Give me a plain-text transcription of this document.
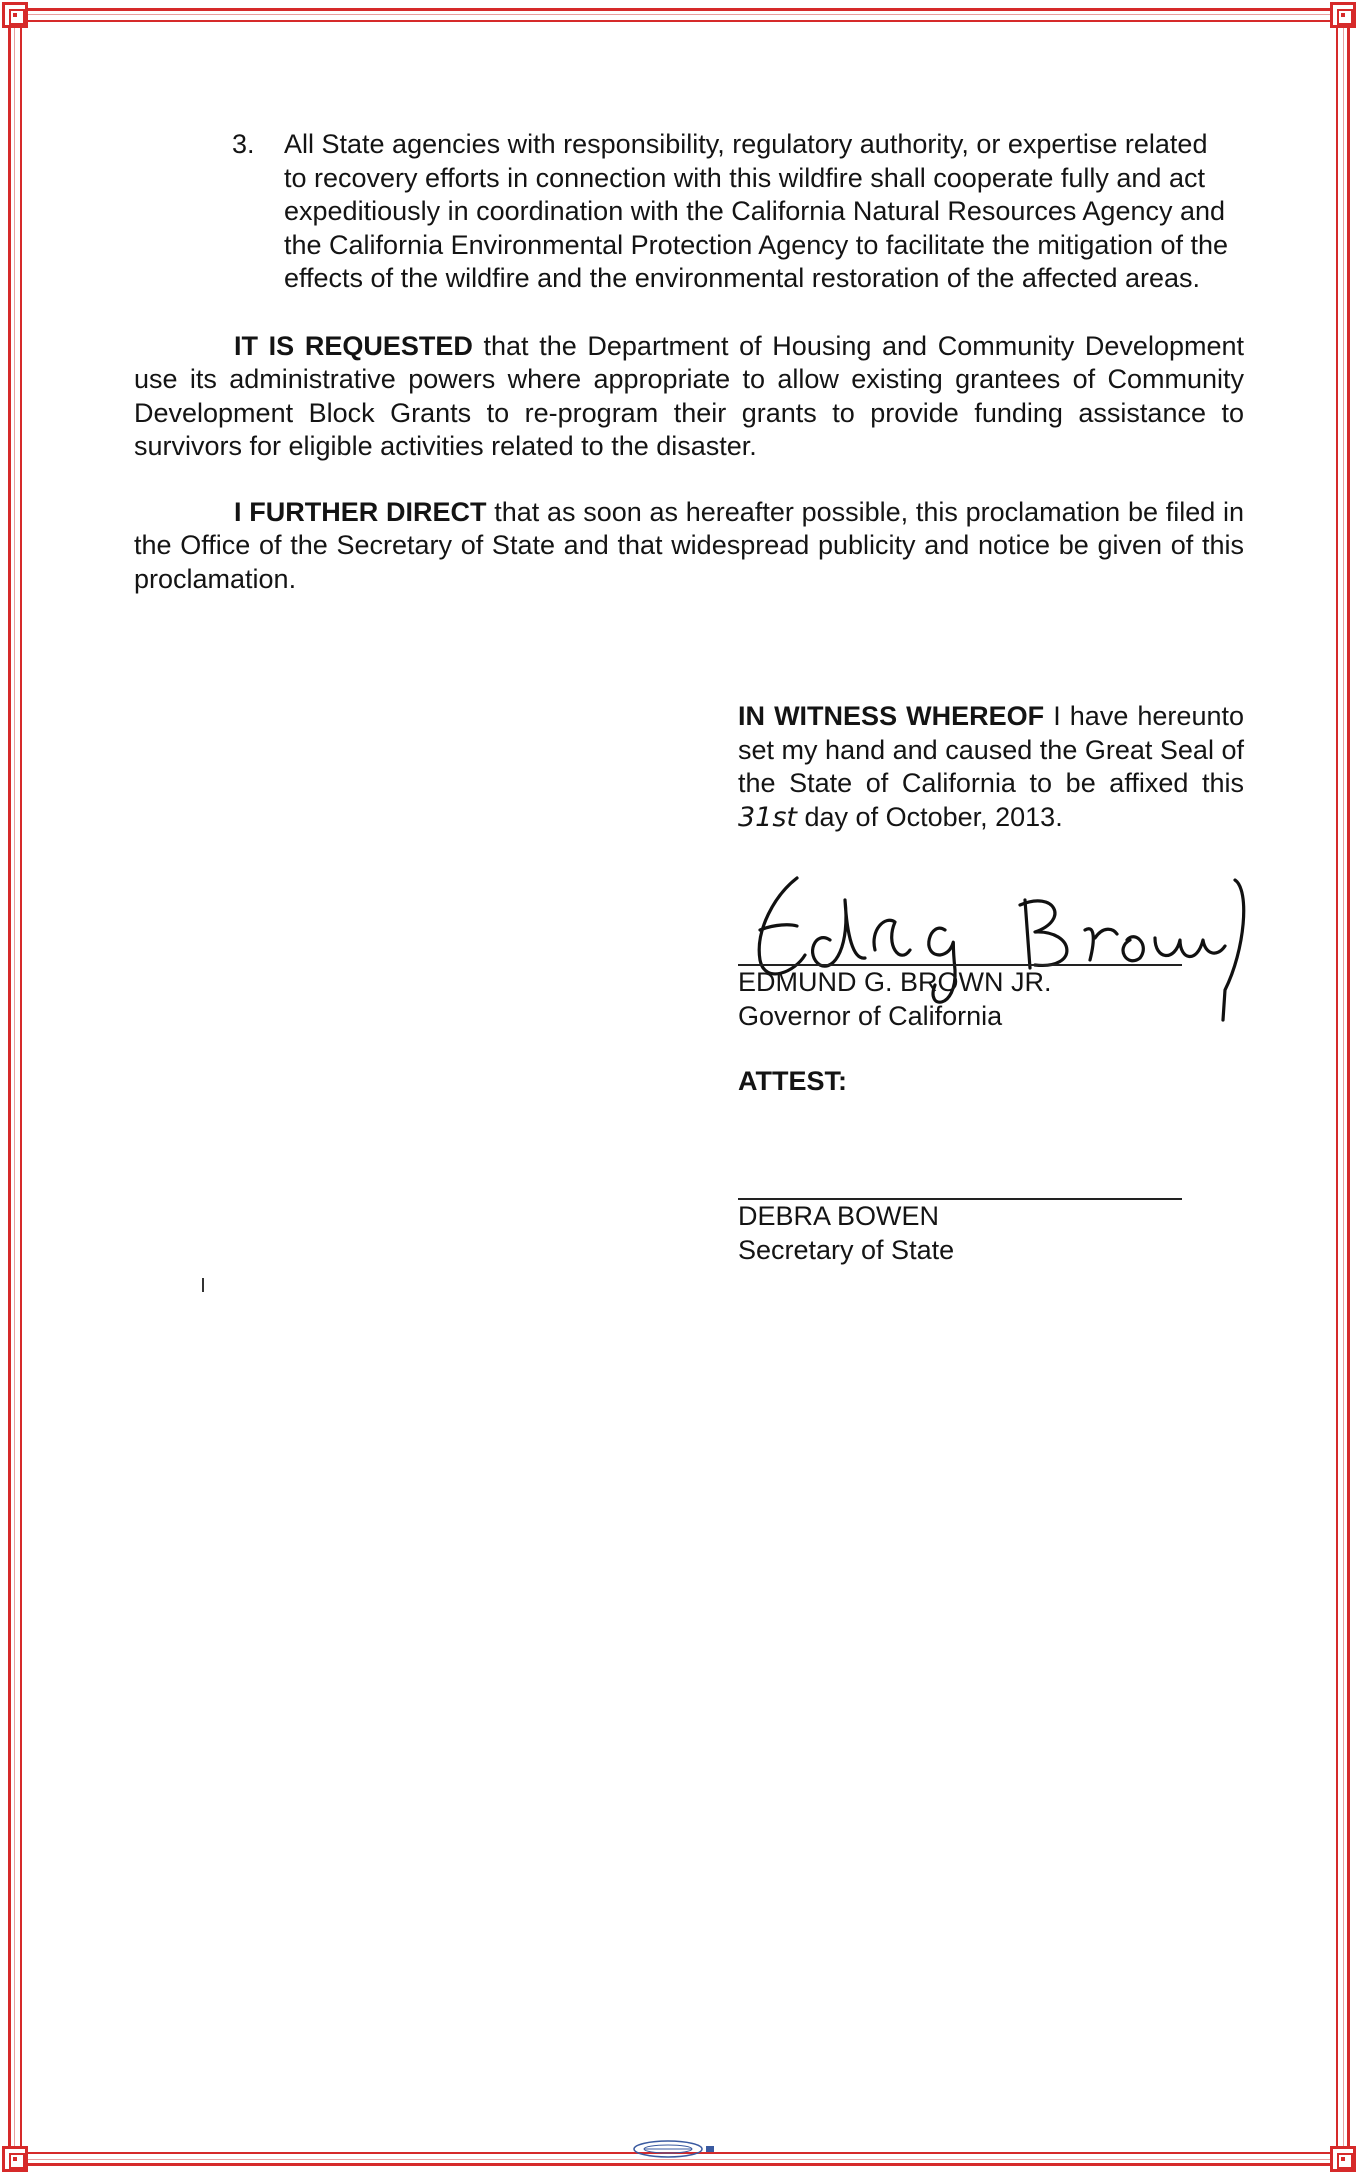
3. All State agencies with responsibility, regulatory authority, or expertise related to recovery efforts in connection with this wildfire shall cooperate fully and act expeditiously in coordination with the California Natural Resources Agency and the California Environmental Protection Agency to facilitate the mitigation of the effects of the wildfire and the environmental restoration of the affected areas.

IT IS REQUESTED that the Department of Housing and Community Development use its administrative powers where appropriate to allow existing grantees of Community Development Block Grants to re-program their grants to provide funding assistance to survivors for eligible activities related to the disaster.

I FURTHER DIRECT that as soon as hereafter possible, this proclamation be filed in the Office of the Secretary of State and that widespread publicity and notice be given of this proclamation.

IN WITNESS WHEREOF I have hereunto set my hand and caused the Great Seal of the State of California to be affixed this 31st day of October, 2013.
EDMUND G. BROWN JR.
Governor of California
ATTEST:
DEBRA BOWEN
Secretary of State
